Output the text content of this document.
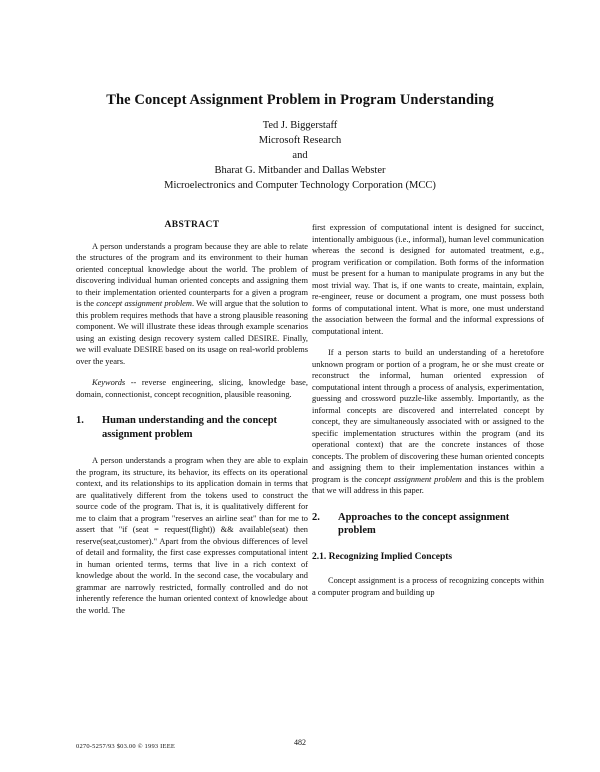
The Concept Assignment Problem in Program Understanding
Ted J. Biggerstaff
Microsoft Research
and
Bharat G. Mitbander and Dallas Webster
Microelectronics and Computer Technology Corporation (MCC)
ABSTRACT

A person understands a program because they are able to relate the structures of the program and its environment to their human oriented conceptual knowledge about the world. The problem of discovering individual human oriented concepts and assigning them to their implementation oriented counterparts for a given a program is the concept assignment problem. We will argue that the solution to this problem requires methods that have a strong plausible reasoning component. We will illustrate these ideas through example scenarios using an existing design recovery system called DESIRE. Finally, we will evaluate DESIRE based on its usage on real-world problems over the years.

Keywords -- reverse engineering, slicing, knowledge base, domain, connectionist, concept recognition, plausible reasoning.

1.	Human understanding and the concept assignment problem

A person understands a program when they are able to explain the program, its structure, its behavior, its effects on its operational context, and its relationships to its application domain in terms that are qualitatively different from the tokens used to construct the source code of the program. That is, it is qualitatively different for me to claim that a program "reserves an airline seat" than for me to assert that "if (seat = request(flight)) && available(seat) then reserve(seat,customer)." Apart from the obvious differences of level of detail and formality, the first case expresses computational intent in human oriented terms, terms that live in a rich context of knowledge about the world. In the second case, the vocabulary and grammar are narrowly restricted, formally controlled and do not inherently reference the human oriented context of knowledge about the world. The

first expression of computational intent is designed for succinct, intentionally ambiguous (i.e., informal), human level communication whereas the second is designed for automated treatment, e.g., program verification or compilation. Both forms of the information must be present for a human to manipulate programs in any but the most trivial way. That is, if one wants to create, maintain, explain, re-engineer, reuse or document a program, one must possess both forms of computational intent. What is more, one must understand the association between the formal and the informal expressions of computational intent.

If a person starts to build an understanding of a heretofore unknown program or portion of a program, he or she must create or reconstruct the informal, human oriented expression of computational intent through a process of analysis, experimentation, guessing and crossword puzzle-like assembly. Importantly, as the informal concepts are discovered and interrelated concept by concept, they are simultaneously associated with or assigned to the specific implementation structures within the program (and its operational context) that are the concrete instances of those concepts. The problem of discovering these human oriented concepts and assigning them to their implementation instances within a program is the concept assignment problem and this is the problem that we will address in this paper.

2.	Approaches to the concept assignment problem
2.1. Recognizing Implied Concepts

Concept assignment is a process of recognizing concepts within a computer program and building up

482
0270-5257/93 $03.00 © 1993 IEEE
